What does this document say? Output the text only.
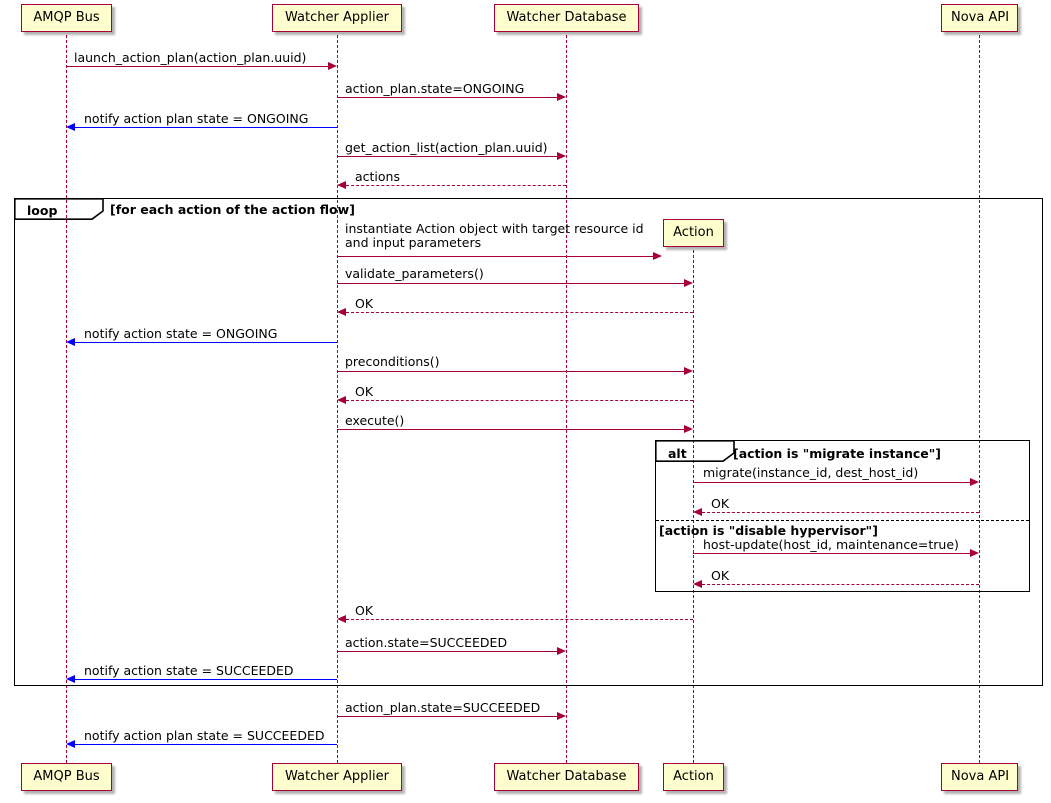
loop	[for each action of the action flow]
alt	[action is "migrate instance"]
[action is "disable hypervisor"]
launch_action_plan(action_plan.uuid)
action_plan.state=ONGOING
notify action plan state = ONGOING
get_action_list(action_plan.uuid)
actions
Action
instantiate Action object with target resource id
and input parameters
validate_parameters()
OK
notify action state = ONGOING
preconditions()
OK
execute()
migrate(instance_id, dest_host_id)
OK
host-update(host_id, maintenance=true)
OK
OK
action.state=SUCCEEDED
notify action state = SUCCEEDED
action_plan.state=SUCCEEDED
notify action plan state = SUCCEEDED
AMQP Bus	Watcher Applier	Watcher Database	Nova API
AMQP Bus	Watcher Applier	Watcher Database	Action	Nova API
